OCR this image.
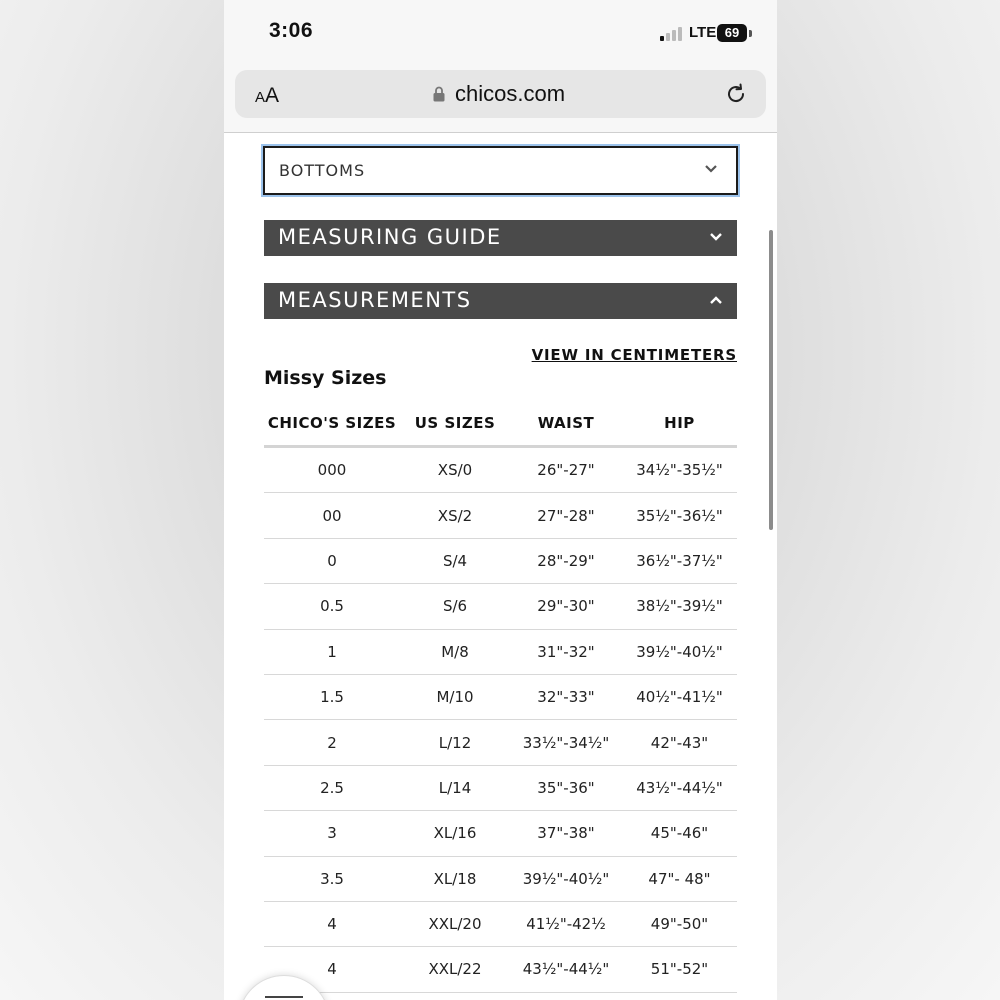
3:06	LTE 69
AA	chicos.com
BOTTOMS
MEASURING GUIDE
MEASUREMENTS
VIEW IN CENTIMETERS
Missy Sizes
CHICO'S SIZES	US SIZES	WAIST	HIP
000	XS/0	26"-27"	34½"-35½"
00	XS/2	27"-28"	35½"-36½"
0	S/4	28"-29"	36½"-37½"
0.5	S/6	29"-30"	38½"-39½"
1	M/8	31"-32"	39½"-40½"
1.5	M/10	32"-33"	40½"-41½"
2	L/12	33½"-34½"	42"-43"
2.5	L/14	35"-36"	43½"-44½"
3	XL/16	37"-38"	45"-46"
3.5	XL/18	39½"-40½"	47"- 48"
4	XXL/20	41½"-42½	49"-50"
4	XXL/22	43½"-44½"	51"-52"
